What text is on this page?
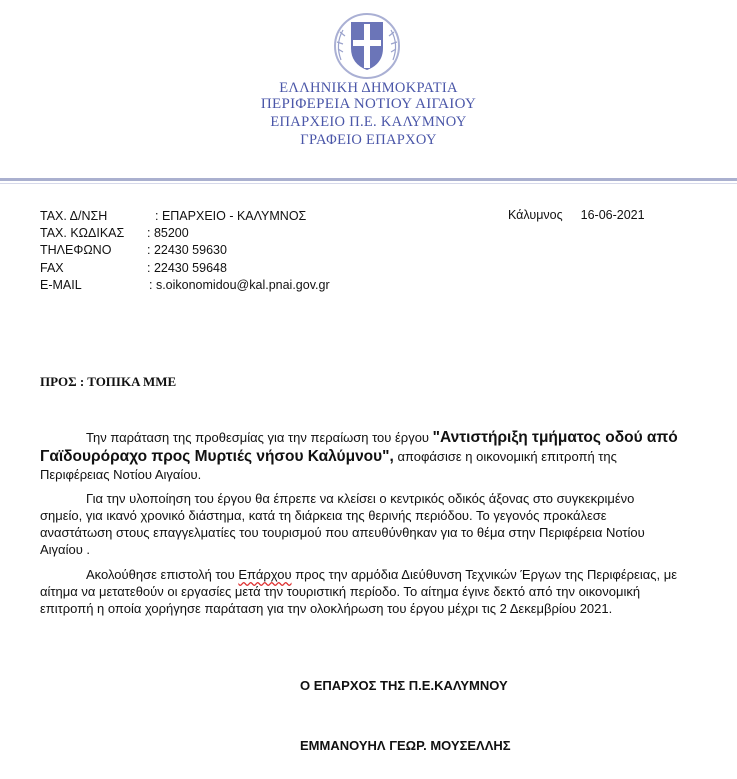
ΕΛΛΗΝΙΚΗ ΔΗΜΟΚΡΑΤΙΑ
ΠΕΡΙΦΕΡΕΙΑ ΝΟΤΙΟΥ ΑΙΓΑΙΟΥ
ΕΠΑΡΧΕΙΟ Π.Ε. ΚΑΛΥΜΝΟΥ
ΓΡΑΦΕΙΟ ΕΠΑΡΧΟΥ
ΤΑΧ. Δ/ΝΣΗ	: ΕΠΑΡΧΕΙΟ - ΚΑΛΥΜΝΟΣ
ΤΑΧ. ΚΩΔΙΚΑΣ : 85200
ΤΗΛΕΦΩΝΟ	: 22430 59630
FAX	: 22430 59648
E-MAIL	: s.oikonomidou@kal.pnai.gov.gr
Κάλυμνος 16-06-2021
ΠΡΟΣ : ΤΟΠΙΚΑ ΜΜΕ

Την παράταση της προθεσμίας για την περαίωση του έργου "Αντιστήριξη τμήματος οδού από Γαϊδουρόραχο προς Μυρτιές νήσου Καλύμνου", αποφάσισε η οικονομική επιτροπή της Περιφέρειας Νοτίου Αιγαίου.

Για την υλοποίηση του έργου θα έπρεπε να κλείσει ο κεντρικός οδικός άξονας στο συγκεκριμένο σημείο, για ικανό χρονικό διάστημα, κατά τη διάρκεια της θερινής περιόδου. Το γεγονός προκάλεσε αναστάτωση στους επαγγελματίες του τουρισμού που απευθύνθηκαν για το θέμα στην Περιφέρεια Νοτίου Αιγαίου .

Ακολούθησε επιστολή του Επάρχου προς την αρμόδια Διεύθυνση Τεχνικών Έργων της Περιφέρειας, με αίτημα να μετατεθούν οι εργασίες μετά την τουριστική περίοδο. Το αίτημα έγινε δεκτό από την οικονομική επιτροπή η οποία χορήγησε παράταση για την ολοκλήρωση του έργου μέχρι τις 2 Δεκεμβρίου 2021.

Ο ΕΠΑΡΧΟΣ ΤΗΣ Π.Ε.ΚΑΛΥΜΝΟΥ
ΕΜΜΑΝΟΥΗΛ ΓΕΩΡ. ΜΟΥΣΕΛΛΗΣ
